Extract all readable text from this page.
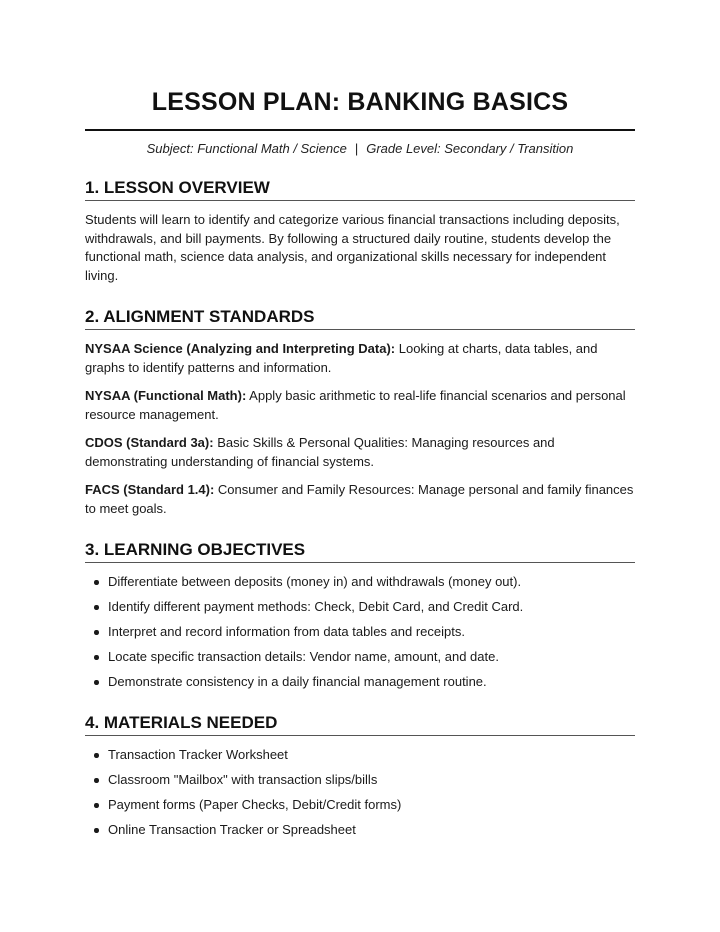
LESSON PLAN: BANKING BASICS
Subject: Functional Math / Science | Grade Level: Secondary / Transition
1. LESSON OVERVIEW

Students will learn to identify and categorize various financial transactions including deposits, withdrawals, and bill payments. By following a structured daily routine, students develop the functional math, science data analysis, and organizational skills necessary for independent living.

2. ALIGNMENT STANDARDS
NYSAA Science (Analyzing and Interpreting Data): Looking at charts, data tables, and graphs to identify patterns and information.
NYSAA (Functional Math): Apply basic arithmetic to real-life financial scenarios and personal resource management.
CDOS (Standard 3a): Basic Skills & Personal Qualities: Managing resources and demonstrating understanding of financial systems.
FACS (Standard 1.4): Consumer and Family Resources: Manage personal and family finances to meet goals.
3. LEARNING OBJECTIVES
Differentiate between deposits (money in) and withdrawals (money out).
Identify different payment methods: Check, Debit Card, and Credit Card.
Interpret and record information from data tables and receipts.
Locate specific transaction details: Vendor name, amount, and date.
Demonstrate consistency in a daily financial management routine.
4. MATERIALS NEEDED
Transaction Tracker Worksheet
Classroom "Mailbox" with transaction slips/bills
Payment forms (Paper Checks, Debit/Credit forms)
Online Transaction Tracker or Spreadsheet
